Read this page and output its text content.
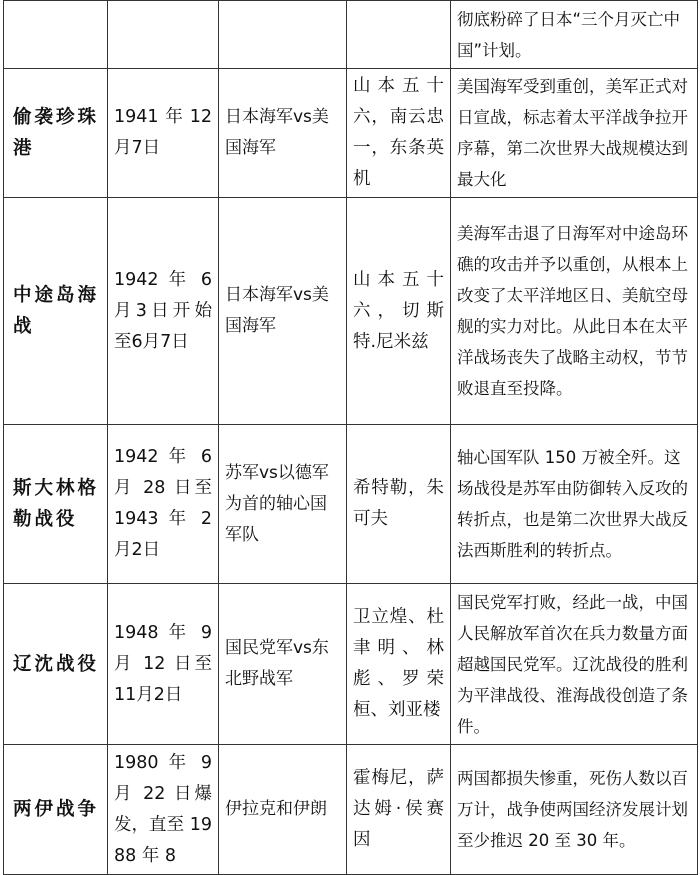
				彻底粉碎了日本“三个月灭亡中国”计划。
偷袭珍珠港	1941年12月7日	日本海军vs美国海军	山本五十六，南云忠一，东条英机	美国海军受到重创，美军正式对日宣战，标志着太平洋战争拉开序幕，第二次世界大战规模达到最大化
中途岛海战	1942 年 6 月3日开始至6月7日	日本海军vs美国海军	山本五十六，切斯特.尼米兹	美海军击退了日海军对中途岛环礁的攻击并予以重创，从根本上改变了太平洋地区日、美航空母舰的实力对比。从此日本在太平洋战场丧失了战略主动权，节节败退直至投降。
斯大林格勒战役	1942 年 6 月 28 日至 1943 年 2 月2日	苏军vs以德军为首的轴心国军队	希特勒，朱可夫	轴心国军队 150 万被全歼。这场战役是苏军由防御转入反攻的转折点，也是第二次世界大战反法西斯胜利的转折点。
辽沈战役	1948 年 9 月 12 日至 11月2日	国民党军vs东北野战军	卫立煌、杜聿明、林彪、罗荣桓、刘亚楼	国民党军打败，经此一战，中国人民解放军首次在兵力数量方面超越国民党军。辽沈战役的胜利为平津战役、淮海战役创造了条件。
两伊战争	1980 年 9 月 22 日爆发，直至 1988 年 8	伊拉克和伊朗	霍梅尼，萨达姆·侯赛因	两国都损失惨重，死伤人数以百万计，战争使两国经济发展计划至少推迟 20 至 30 年。
